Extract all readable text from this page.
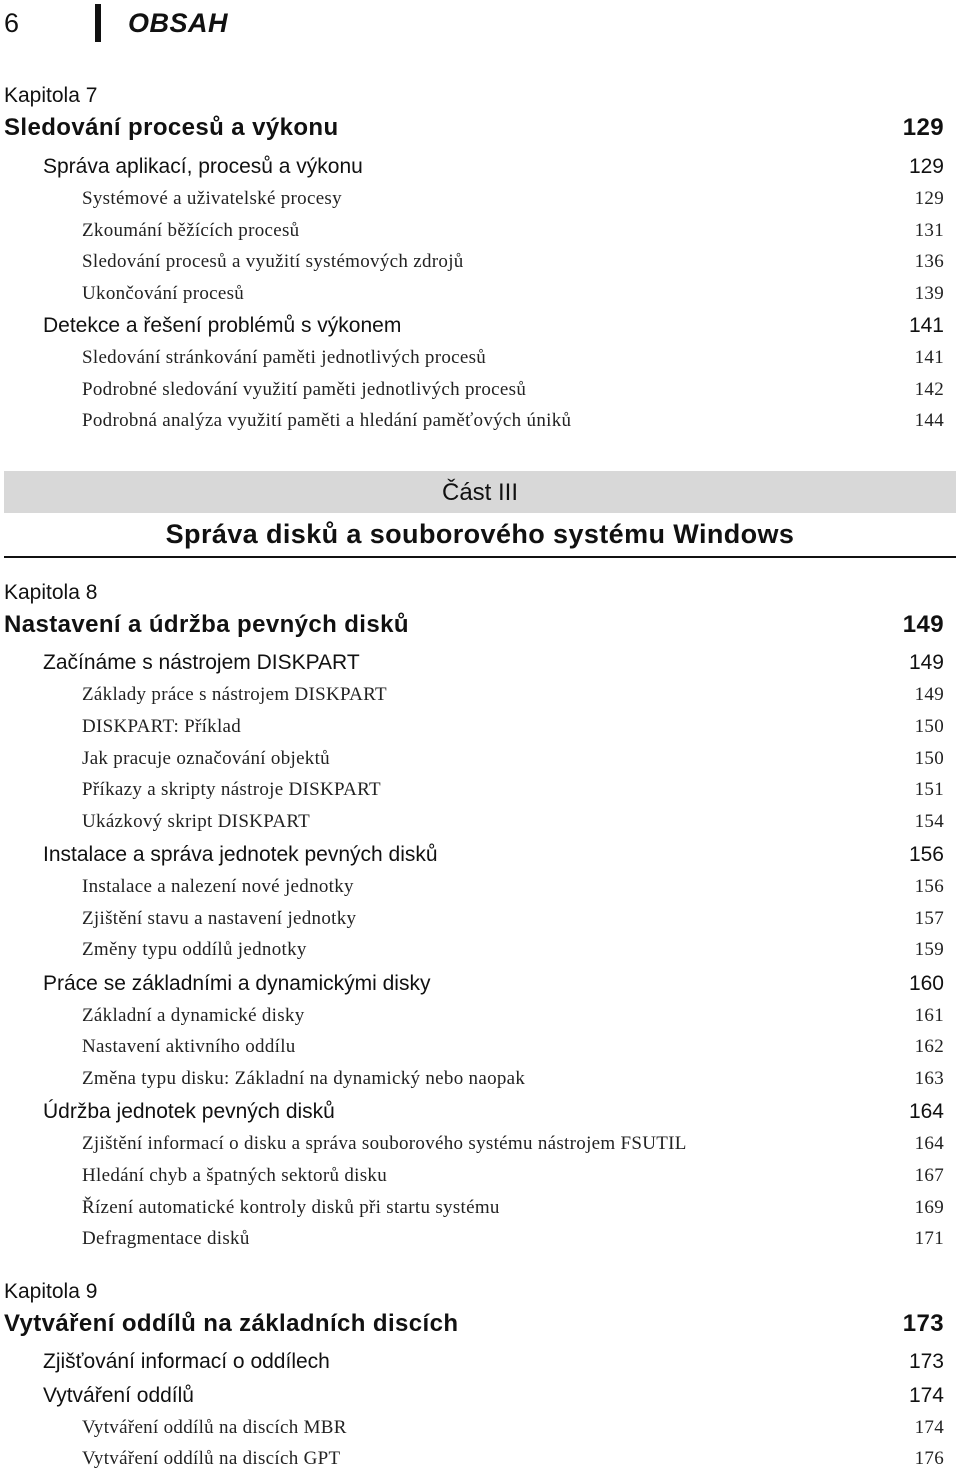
6	OBSAH
Kapitola 7
Sledování procesů a výkonu	129
Správa aplikací, procesů a výkonu	129
Systémové a uživatelské procesy	129
Zkoumání běžících procesů	131
Sledování procesů a využití systémových zdrojů	136
Ukončování procesů	139
Detekce a řešení problémů s výkonem	141
Sledování stránkování paměti jednotlivých procesů	141
Podrobné sledování využití paměti jednotlivých procesů	142
Podrobná analýza využití paměti a hledání paměťových úniků	144
Část III
Správa disků a souborového systému Windows
Kapitola 8
Nastavení a údržba pevných disků	149
Začínáme s nástrojem DISKPART	149
Základy práce s nástrojem DISKPART	149
DISKPART: Příklad	150
Jak pracuje označování objektů	150
Příkazy a skripty nástroje DISKPART	151
Ukázkový skript DISKPART	154
Instalace a správa jednotek pevných disků	156
Instalace a nalezení nové jednotky	156
Zjištění stavu a nastavení jednotky	157
Změny typu oddílů jednotky	159
Práce se základními a dynamickými disky	160
Základní a dynamické disky	161
Nastavení aktivního oddílu	162
Změna typu disku: Základní na dynamický nebo naopak	163
Údržba jednotek pevných disků	164
Zjištění informací o disku a správa souborového systému nástrojem FSUTIL	164
Hledání chyb a špatných sektorů disku	167
Řízení automatické kontroly disků při startu systému	169
Defragmentace disků	171
Kapitola 9
Vytváření oddílů na základních discích	173
Zjišťování informací o oddílech	173
Vytváření oddílů	174
Vytváření oddílů na discích MBR	174
Vytváření oddílů na discích GPT	176
